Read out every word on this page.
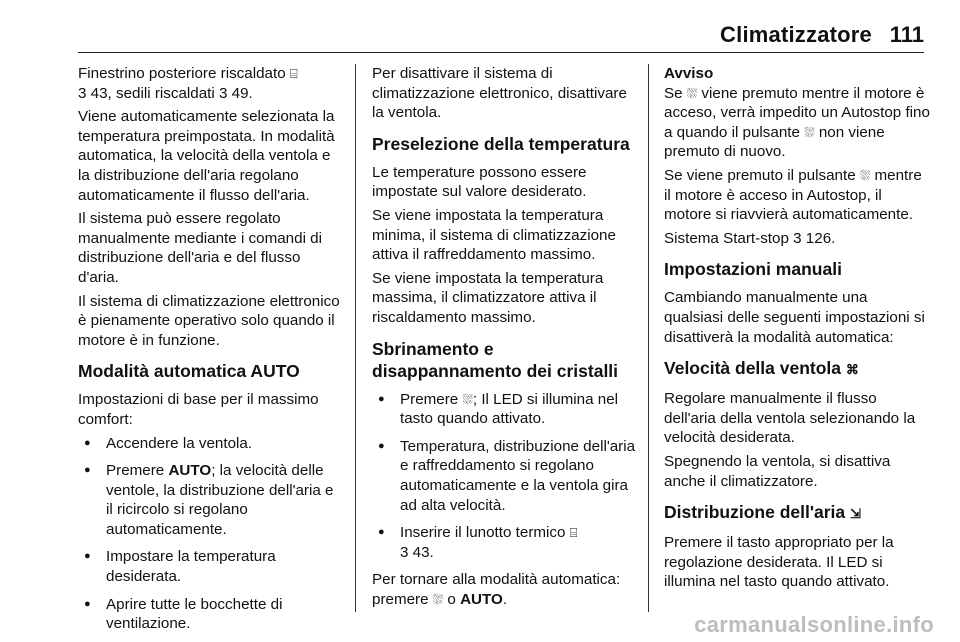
Climatizzatore 111

Finestrino posteriore riscaldato ⌸
3 43, sedili riscaldati 3 49.

Viene automaticamente selezionata la temperatura preimpostata. In modalità automatica, la velocità della ventola e la distribuzione dell'aria regolano automaticamente il flusso dell'aria.

Il sistema può essere regolato manualmente mediante i comandi di distribuzione dell'aria e del flusso d'aria.

Il sistema di climatizzazione elettronico è pienamente operativo solo quando il motore è in funzione.

Modalità automatica AUTO

Impostazioni di base per il massimo comfort:

● Accendere la ventola.
● Premere AUTO; la velocità delle ventole, la distribuzione dell'aria e il ricircolo si regolano automaticamente.
● Impostare la temperatura desiderata.
● Aprire tutte le bocchette di ventilazione.

Per disattivare il sistema di climatizzazione elettronico, disattivare la ventola.

Preselezione della temperatura

Le temperature possono essere impostate sul valore desiderato.

Se viene impostata la temperatura minima, il sistema di climatizzazione attiva il raffreddamento massimo.

Se viene impostata la temperatura massima, il climatizzatore attiva il riscaldamento massimo.

Sbrinamento e disappannamento dei cristalli
● Premere ⛆; Il LED si illumina nel tasto quando attivato.
● Temperatura, distribuzione dell'aria e raffreddamento si regolano automaticamente e la ventola gira ad alta velocità.
● Inserire il lunotto termico ⌸
3 43.

Per tornare alla modalità automatica: premere ⛆ o AUTO.

Avviso

Se ⛆ viene premuto mentre il motore è acceso, verrà impedito un Autostop fino a quando il pulsante ⛆ non viene premuto di nuovo.

Se viene premuto il pulsante ⛆ mentre il motore è acceso in Autostop, il motore si riavvierà automaticamente.

Sistema Start-stop 3 126.

Impostazioni manuali

Cambiando manualmente una qualsiasi delle seguenti impostazioni si disattiverà la modalità automatica:

Velocità della ventola ⌘

Regolare manualmente il flusso dell'aria della ventola selezionando la velocità desiderata.

Spegnendo la ventola, si disattiva anche il climatizzatore.

Distribuzione dell'aria ⇲

Premere il tasto appropriato per la regolazione desiderata. Il LED si illumina nel tasto quando attivato.

carmanualsonline.info
